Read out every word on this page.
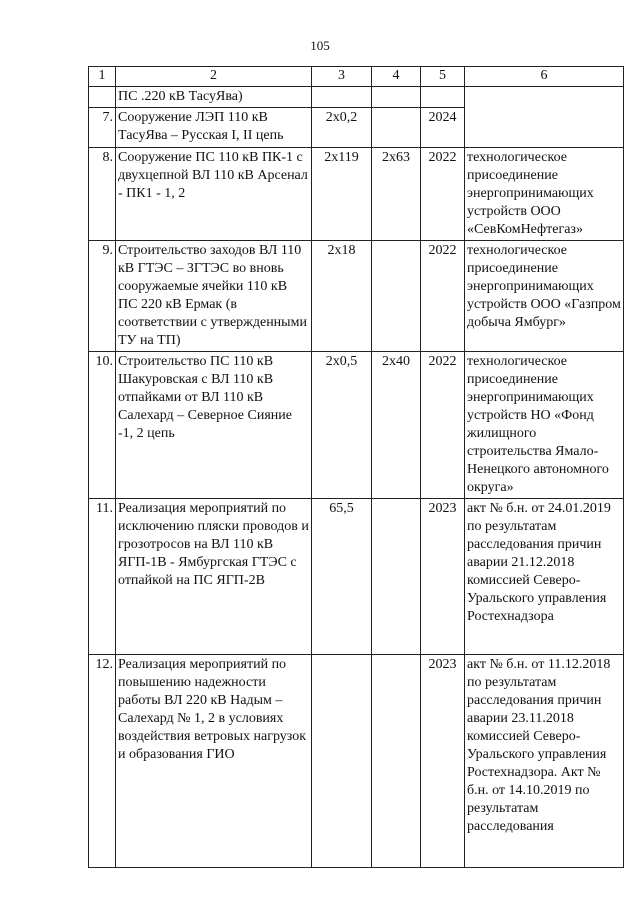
105
1	2	3	4	5	6
	ПС .220 кВ ТасуЯва)				
7.	Сооружение ЛЭП 110 кВ ТасуЯва – Русская I, II цепь	2х0,2		2024	
8.	Сооружение ПС 110 кВ ПК-1 с двухцепной ВЛ 110 кВ Арсенал - ПК1 - 1, 2	2х119	2х63	2022	технологическое присоединение энергопринимающих устройств ООО «СевКомНефтегаз»
9.	Строительство заходов ВЛ 110 кВ ГТЭС – ЗГТЭС во вновь сооружаемые ячейки 110 кВ ПС 220 кВ Ермак (в соответствии с утвержденными ТУ на ТП)	2х18		2022	технологическое присоединение энергопринимающих устройств ООО «Газпром добыча Ямбург»
10.	Строительство ПС 110 кВ Шакуровская с ВЛ 110 кВ отпайками от ВЛ 110 кВ Салехард – Северное Сияние -1, 2 цепь	2х0,5	2х40	2022	технологическое присоединение энергопринимающих устройств НО «Фонд жилищного строительства Ямало-Ненецкого автономного округа»
11.	Реализация мероприятий по исключению пляски проводов и грозотросов на ВЛ 110 кВ ЯГП-1В - Ямбургская ГТЭС с отпайкой на ПС ЯГП-2В	65,5		2023	акт № б.н. от 24.01.2019 по результатам расследования причин аварии 21.12.2018 комиссией Северо-Уральского управления Ростехнадзора
12.	Реализация мероприятий по повышению надежности работы ВЛ 220 кВ Надым – Салехард № 1, 2 в условиях воздействия ветровых нагрузок и образования ГИО			2023	акт № б.н. от 11.12.2018 по результатам расследования причин аварии 23.11.2018 комиссией Северо-Уральского управления Ростехнадзора. Акт № б.н. от 14.10.2019 по результатам расследования
